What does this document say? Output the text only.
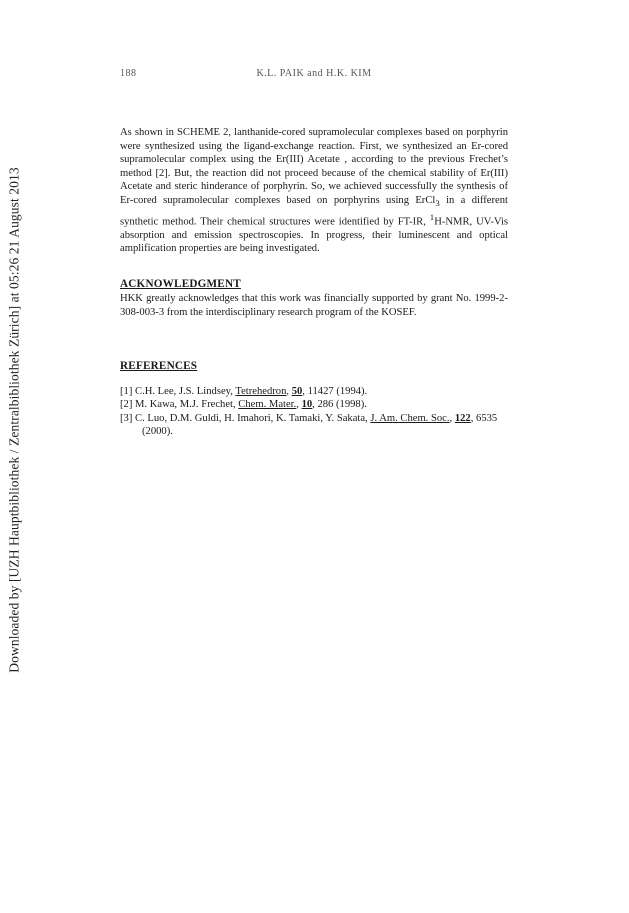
Downloaded by [UZH Hauptbibliothek / Zentralbibliothek Zürich] at 05:26 21 August 2013
188	K.L. PAIK and H.K. KIM

As shown in SCHEME 2, lanthanide-cored supramolecular complexes based on porphyrin were synthesized using the ligand-exchange reaction. First, we synthesized an Er-cored supramolecular complex using the Er(III) Acetate , according to the previous Frechet’s method [2]. But, the reaction did not proceed because of the chemical stability of Er(III) Acetate and steric hinderance of porphyrin. So, we achieved successfully the synthesis of Er-cored supramolecular complexes based on porphyrins using ErCl$_3$ in a different synthetic method. Their chemical structures were identified by FT-IR, $^1$H-NMR, UV-Vis absorption and emission spectroscopies. In progress, their luminescent and optical amplification properties are being investigated.

ACKNOWLEDGMENT

HKK greatly acknowledges that this work was financially supported by grant No. 1999-2-308-003-3 from the interdisciplinary research program of the KOSEF.

REFERENCES

[1] C.H. Lee, J.S. Lindsey, Tetrehedron, 50, 11427 (1994).

[2] M. Kawa, M.J. Frechet, Chem. Mater., 10, 286 (1998).

[3] C. Luo, D.M. Guldi, H. Imahori, K. Tamaki, Y. Sakata, J. Am. Chem. Soc., 122, 6535 (2000).
